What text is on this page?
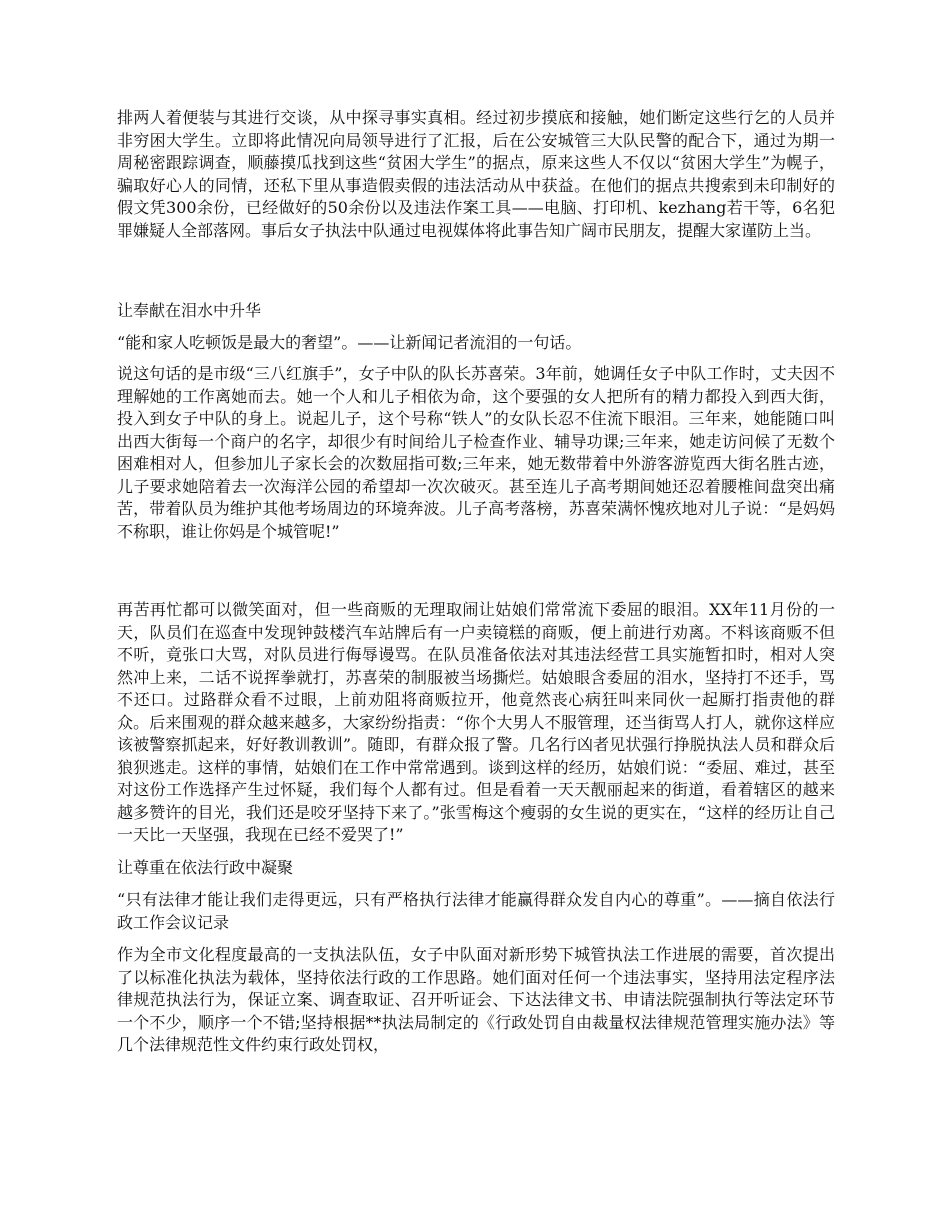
排两人着便装与其进行交谈，从中探寻事实真相。经过初步摸底和接触，她们断定这些行乞的人员并非穷困大学生。立即将此情况向局领导进行了汇报，后在公安城管三大队民警的配合下，通过为期一周秘密跟踪调查，顺藤摸瓜找到这些“贫困大学生”的据点，原来这些人不仅以“贫困大学生”为幌子，骗取好心人的同情，还私下里从事造假卖假的违法活动从中获益。在他们的据点共搜索到未印制好的假文凭300余份，已经做好的50余份以及违法作案工具——电脑、打印机、kezhang若干等，6名犯罪嫌疑人全部落网。事后女子执法中队通过电视媒体将此事告知广阔市民朋友，提醒大家谨防上当。

让奉献在泪水中升华

“能和家人吃顿饭是最大的奢望”。——让新闻记者流泪的一句话。

说这句话的是市级“三八红旗手”，女子中队的队长苏喜荣。3年前，她调任女子中队工作时，丈夫因不理解她的工作离她而去。她一个人和儿子相依为命，这个要强的女人把所有的精力都投入到西大街，投入到女子中队的身上。说起儿子，这个号称“铁人”的女队长忍不住流下眼泪。三年来，她能随口叫出西大街每一个商户的名字，却很少有时间给儿子检查作业、辅导功课;三年来，她走访问候了无数个困难相对人，但参加儿子家长会的次数屈指可数;三年来，她无数带着中外游客游览西大街名胜古迹，儿子要求她陪着去一次海洋公园的希望却一次次破灭。甚至连儿子高考期间她还忍着腰椎间盘突出痛苦，带着队员为维护其他考场周边的环境奔波。儿子高考落榜，苏喜荣满怀愧疚地对儿子说：“是妈妈不称职，谁让你妈是个城管呢!”

再苦再忙都可以微笑面对，但一些商贩的无理取闹让姑娘们常常流下委屈的眼泪。XX年11月份的一天，队员们在巡查中发现钟鼓楼汽车站牌后有一户卖镜糕的商贩，便上前进行劝离。不料该商贩不但不听，竟张口大骂，对队员进行侮辱谩骂。在队员准备依法对其违法经营工具实施暂扣时，相对人突然冲上来，二话不说挥拳就打，苏喜荣的制服被当场撕烂。姑娘眼含委屈的泪水，坚持打不还手，骂不还口。过路群众看不过眼，上前劝阻将商贩拉开，他竟然丧心病狂叫来同伙一起厮打指责他的群众。后来围观的群众越来越多，大家纷纷指责：“你个大男人不服管理，还当街骂人打人，就你这样应该被警察抓起来，好好教训教训”。随即，有群众报了警。几名行凶者见状强行挣脱执法人员和群众后狼狈逃走。这样的事情，姑娘们在工作中常常遇到。谈到这样的经历，姑娘们说：“委屈、难过，甚至对这份工作选择产生过怀疑，我们每个人都有过。但是看着一天天靓丽起来的街道，看着辖区的越来越多赞许的目光，我们还是咬牙坚持下来了。”张雪梅这个瘦弱的女生说的更实在，“这样的经历让自己一天比一天坚强，我现在已经不爱哭了!”

让尊重在依法行政中凝聚

“只有法律才能让我们走得更远，只有严格执行法律才能赢得群众发自内心的尊重”。——摘自依法行政工作会议记录

作为全市文化程度最高的一支执法队伍，女子中队面对新形势下城管执法工作进展的需要，首次提出了以标准化执法为载体，坚持依法行政的工作思路。她们面对任何一个违法事实，坚持用法定程序法律规范执法行为，保证立案、调查取证、召开听证会、下达法律文书、申请法院强制执行等法定环节一个不少，顺序一个不错;坚持根据**执法局制定的《行政处罚自由裁量权法律规范管理实施办法》等几个法律规范性文件约束行政处罚权，
